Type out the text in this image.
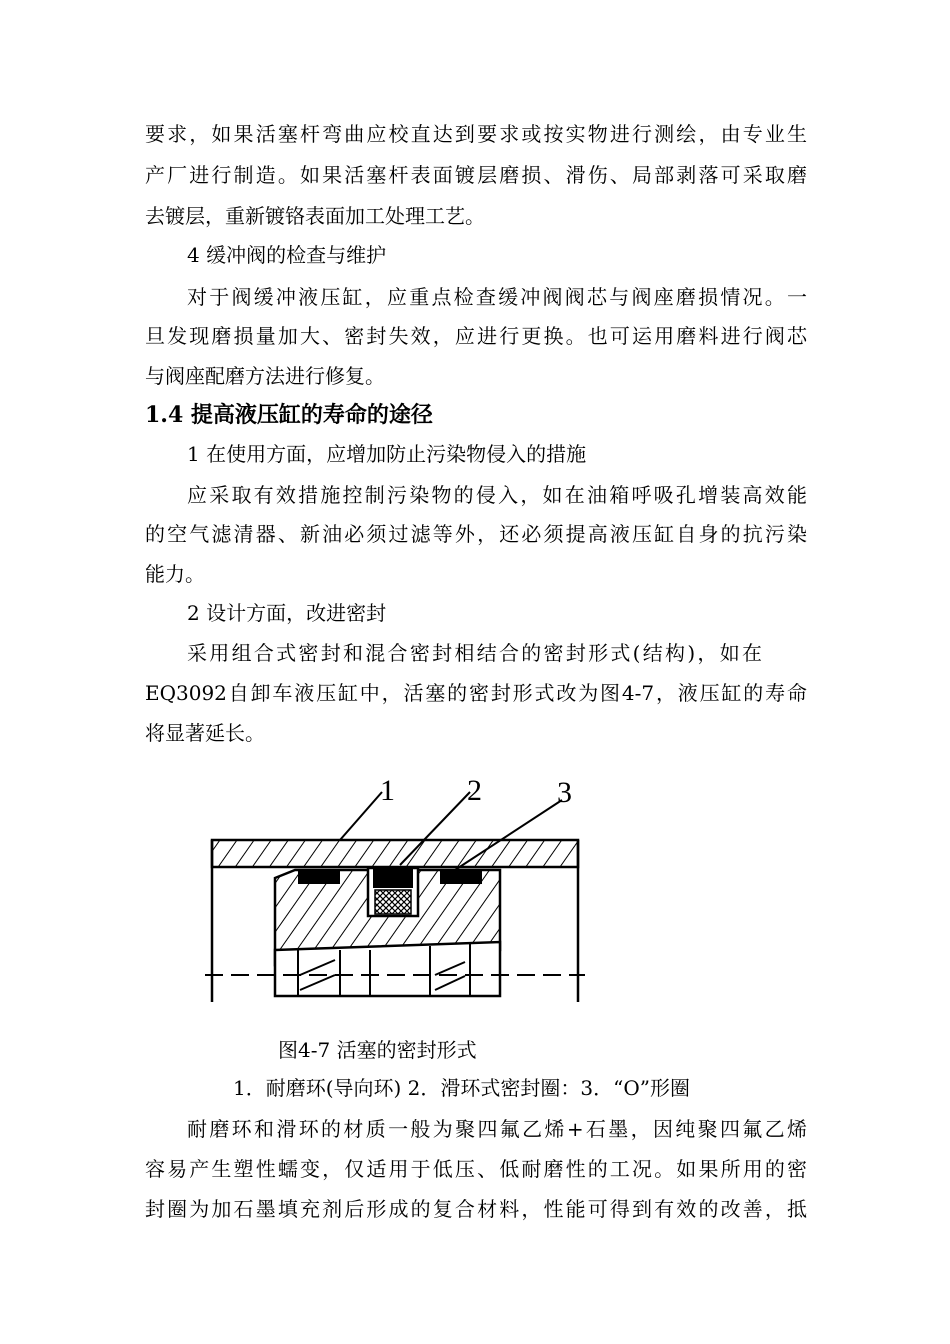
要求，如果活塞杆弯曲应校直达到要求或按实物进行测绘，由专业生
产厂进行制造。如果活塞杆表面镀层磨损、滑伤、局部剥落可采取磨
去镀层，重新镀铬表面加工处理工艺。
4 缓冲阀的检查与维护
对于阀缓冲液压缸，应重点检查缓冲阀阀芯与阀座磨损情况。一
旦发现磨损量加大、密封失效，应进行更换。也可运用磨料进行阀芯
与阀座配磨方法进行修复。
1.4 提高液压缸的寿命的途径
1 在使用方面，应增加防止污染物侵入的措施
应采取有效措施控制污染物的侵入，如在油箱呼吸孔增装高效能
的空气滤清器、新油必须过滤等外，还必须提高液压缸自身的抗污染
能力。
2 设计方面，改进密封
采用组合式密封和混合密封相结合的密封形式(结构)，如在
EQ3092自卸车液压缸中，活塞的密封形式改为图4-7，液压缸的寿命
将显著延长。
1 2	3
图4-7 活塞的密封形式
1．耐磨环(导向环) 2．滑环式密封圈：3．“O”形圈
耐磨环和滑环的材质一般为聚四氟乙烯+石墨，因纯聚四氟乙烯
容易产生塑性蠕变，仅适用于低压、低耐磨性的工况。如果所用的密
封圈为加石墨填充剂后形成的复合材料，性能可得到有效的改善，抵
